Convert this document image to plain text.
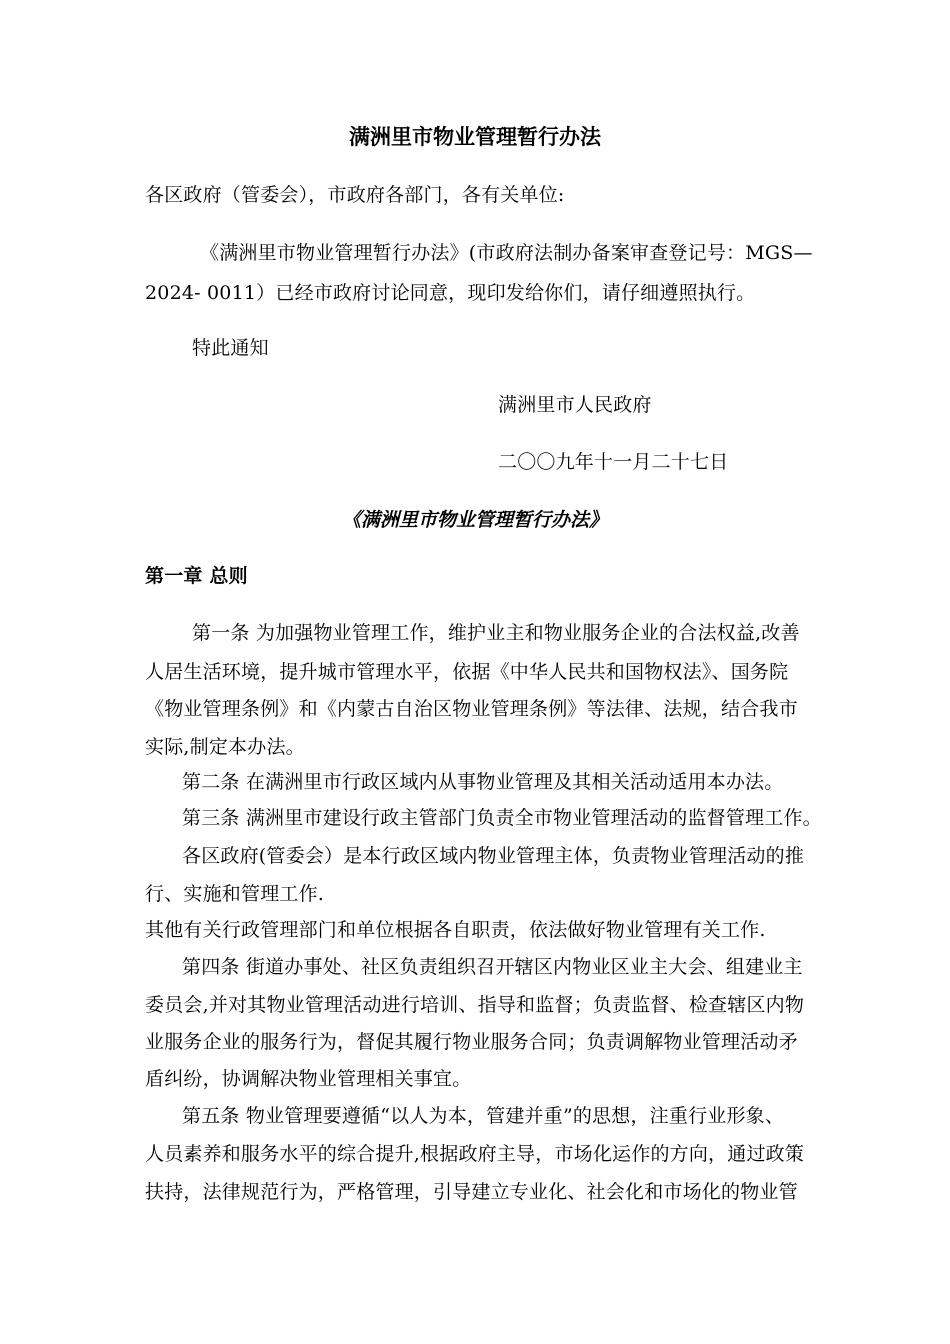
满洲里市物业管理暂行办法
各区政府（管委会），市政府各部门，各有关单位:
《满洲里市物业管理暂行办法》(市政府法制办备案审查登记号：MGS—
2024- 0011）已经市政府讨论同意，现印发给你们，请仔细遵照执行。
特此通知
满洲里市人民政府
二〇〇九年十一月二十七日
《满洲里市物业管理暂行办法》
第一章 总则
第一条 为加强物业管理工作，维护业主和物业服务企业的合法权益,改善
人居生活环境，提升城市管理水平，依据《中华人民共和国物权法》、国务院
《物业管理条例》和《内蒙古自治区物业管理条例》等法律、法规，结合我市
实际,制定本办法。
第二条 在满洲里市行政区域内从事物业管理及其相关活动适用本办法。
第三条 满洲里市建设行政主管部门负责全市物业管理活动的监督管理工作。
各区政府(管委会）是本行政区域内物业管理主体，负责物业管理活动的推
行、实施和管理工作.
其他有关行政管理部门和单位根据各自职责，依法做好物业管理有关工作.
第四条 街道办事处、社区负责组织召开辖区内物业区业主大会、组建业主
委员会,并对其物业管理活动进行培训、指导和监督；负责监督、检查辖区内物
业服务企业的服务行为，督促其履行物业服务合同；负责调解物业管理活动矛
盾纠纷，协调解决物业管理相关事宜。
第五条 物业管理要遵循“以人为本，管建并重”的思想，注重行业形象、
人员素养和服务水平的综合提升,根据政府主导，市场化运作的方向，通过政策
扶持，法律规范行为，严格管理，引导建立专业化、社会化和市场化的物业管
